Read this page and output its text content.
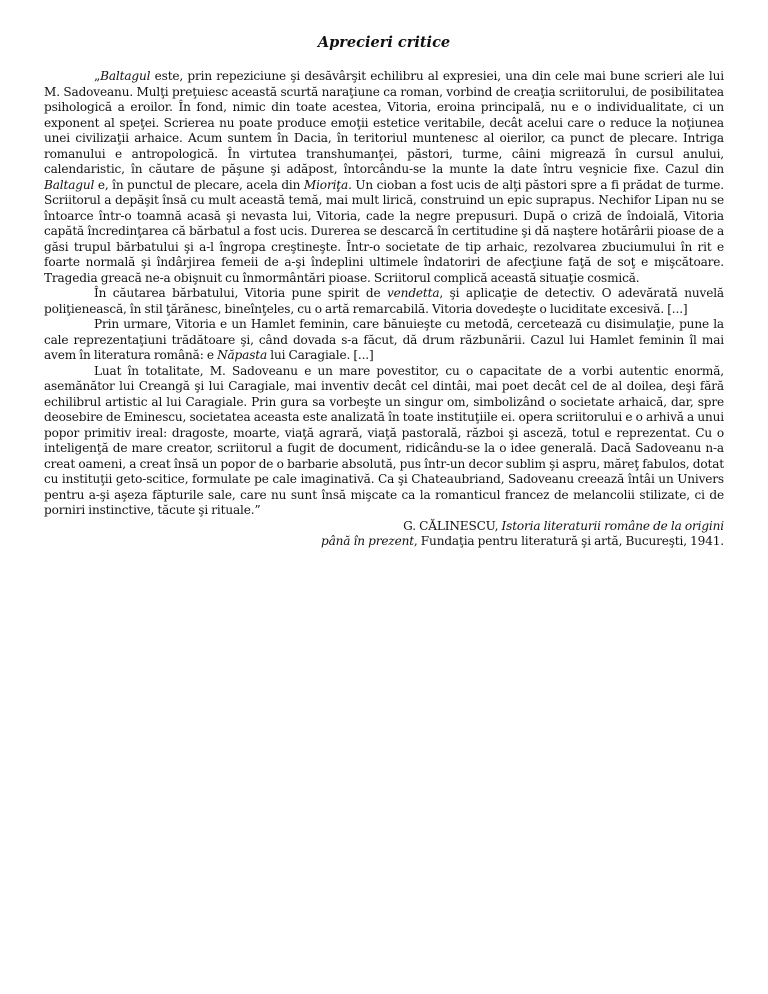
Aprecieri critice
„Baltagul este, prin repeziciune şi desăvârşit echilibru al expresiei, una din cele mai bune scrieri ale lui M. Sadoveanu. Mulţi preţuiesc această scurtă naraţiune ca roman, vorbind de creaţia scriitorului, de posibilitatea psihologică a eroilor. În fond, nimic din toate acestea, Vitoria, eroina principală, nu e o individualitate, ci un exponent al speţei. Scrierea nu poate produce emoţii estetice veritabile, decât acelui care o reduce la noţiunea unei civilizaţii arhaice. Acum suntem în Dacia, în teritoriul muntenesc al oierilor, ca punct de plecare. Intriga romanului e antropologică. În virtutea transhumanţei, păstori, turme, câini migrează în cursul anului, calendaristic, în căutare de păşune şi adăpost, întorcându-se la munte la date întru veşnicie fixe. Cazul din Baltagul e, în punctul de plecare, acela din Mioriţa. Un cioban a fost ucis de alţi păstori spre a fi prădat de turme. Scriitorul a depăşit însă cu mult această temă, mai mult lirică, construind un epic suprapus. Nechifor Lipan nu se întoarce într-o toamnă acasă şi nevasta lui, Vitoria, cade la negre prepusuri. După o criză de îndoială, Vitoria capătă încredinţarea că bărbatul a fost ucis. Durerea se descarcă în certitudine şi dă naştere hotărârii pioase de a găsi trupul bărbatului şi a-l îngropa creştineşte. Într-o societate de tip arhaic, rezolvarea zbuciumului în rit e foarte normală şi îndârjirea femeii de a-şi îndeplini ultimele îndatoriri de afecţiune faţă de soţ e mişcătoare. Tragedia greacă ne-a obişnuit cu înmormântări pioase. Scriitorul complică această situaţie cosmică.
În căutarea bărbatului, Vitoria pune spirit de vendetta, şi aplicaţie de detectiv. O adevărată nuvelă poliţienească, în stil ţărănesc, bineînţeles, cu o artă remarcabilă. Vitoria dovedeşte o luciditate excesivă. [...]
Prin urmare, Vitoria e un Hamlet feminin, care bănuieşte cu metodă, cercetează cu disimulaţie, pune la cale reprezentaţiuni trădătoare şi, când dovada s-a făcut, dă drum răzbunării. Cazul lui Hamlet feminin îl mai avem în literatura română: e Năpasta lui Caragiale. [...]
Luat în totalitate, M. Sadoveanu e un mare povestitor, cu o capacitate de a vorbi autentic enormă, asemănător lui Creangă şi lui Caragiale, mai inventiv decât cel dintâi, mai poet decât cel de al doilea, deşi fără echilibrul artistic al lui Caragiale. Prin gura sa vorbeşte un singur om, simbolizând o societate arhaică, dar, spre deosebire de Eminescu, societatea aceasta este analizată în toate instituţiile ei. opera scriitorului e o arhivă a unui popor primitiv ireal: dragoste, moarte, viaţă agrară, viaţă pastorală, război şi asceză, totul e reprezentat. Cu o inteligenţă de mare creator, scriitorul a fugit de document, ridicându-se la o idee generală. Dacă Sadoveanu n-a creat oameni, a creat însă un popor de o barbarie absolută, pus într-un decor sublim şi aspru, măreţ fabulos, dotat cu instituţii geto-scitice, formulate pe cale imaginativă. Ca şi Chateaubriand, Sadoveanu creează întâi un Univers pentru a-şi aşeza făpturile sale, care nu sunt însă mişcate ca la romanticul francez de melancolii stilizate, ci de porniri instinctive, tăcute şi rituale.”
G. CĂLINESCU, Istoria literaturii române de la origini
până în prezent, Fundaţia pentru literatură şi artă, Bucureşti, 1941.
